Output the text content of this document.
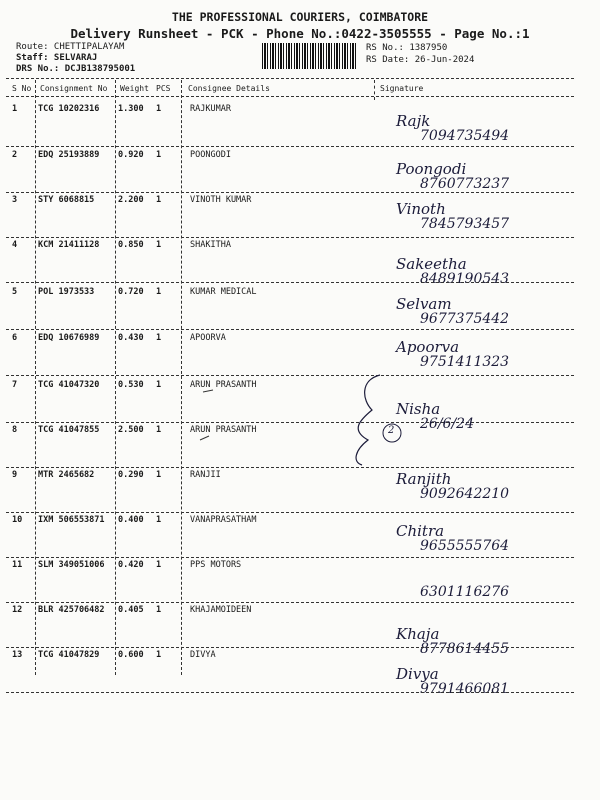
THE PROFESSIONAL COURIERS, COIMBATORE
Delivery Runsheet - PCK - Phone No.:0422-3505555 - Page No.:1
Route: CHETTIPALAYAM
Staff: SELVARAJ
DRS No.: DCJB138795001
RS No.: 1387950
RS Date: 26-Jun-2024
S No Consignment No Weight PCS Consignee Details	Signature
1 TCG 10202316 1.300 1	RAJKUMAR
Rajk
7094735494
2 EDQ 25193889 0.920 1	POONGODI
Poongodi
8760773237
3 STY 6068815	2.200 1	VINOTH KUMAR	Vinoth
7845793457
4 KCM 21411128 0.850 1	SHAKITHA
Sakeetha
8489190543
5 POL 1973533	0.720 1	KUMAR MEDICAL
Selvam
9677375442
6 EDQ 10676989 0.430 1	APOORVA	Apoorva
9751411323
7 TCG 41047320 0.530 1	ARUN PRASANTH
8 TCG 41047855 2.500 1	ARUN PRASANTH
Nisha
26/6/24
9 MTR 2465682	0.290 1	RANJII	Ranjith
9092642210
10 IXM 506553871 0.400 1	VANAPRASATHAM
Chitra
9655555764
11 SLM 349051006 0.420 1	PPS MOTORS
6301116276
12 BLR 425706482 0.405 1	KHAJAMOIDEEN
Khaja
8778614455
13 TCG 41047829 0.600 1	DIVYA
Divya
9791466081
2
